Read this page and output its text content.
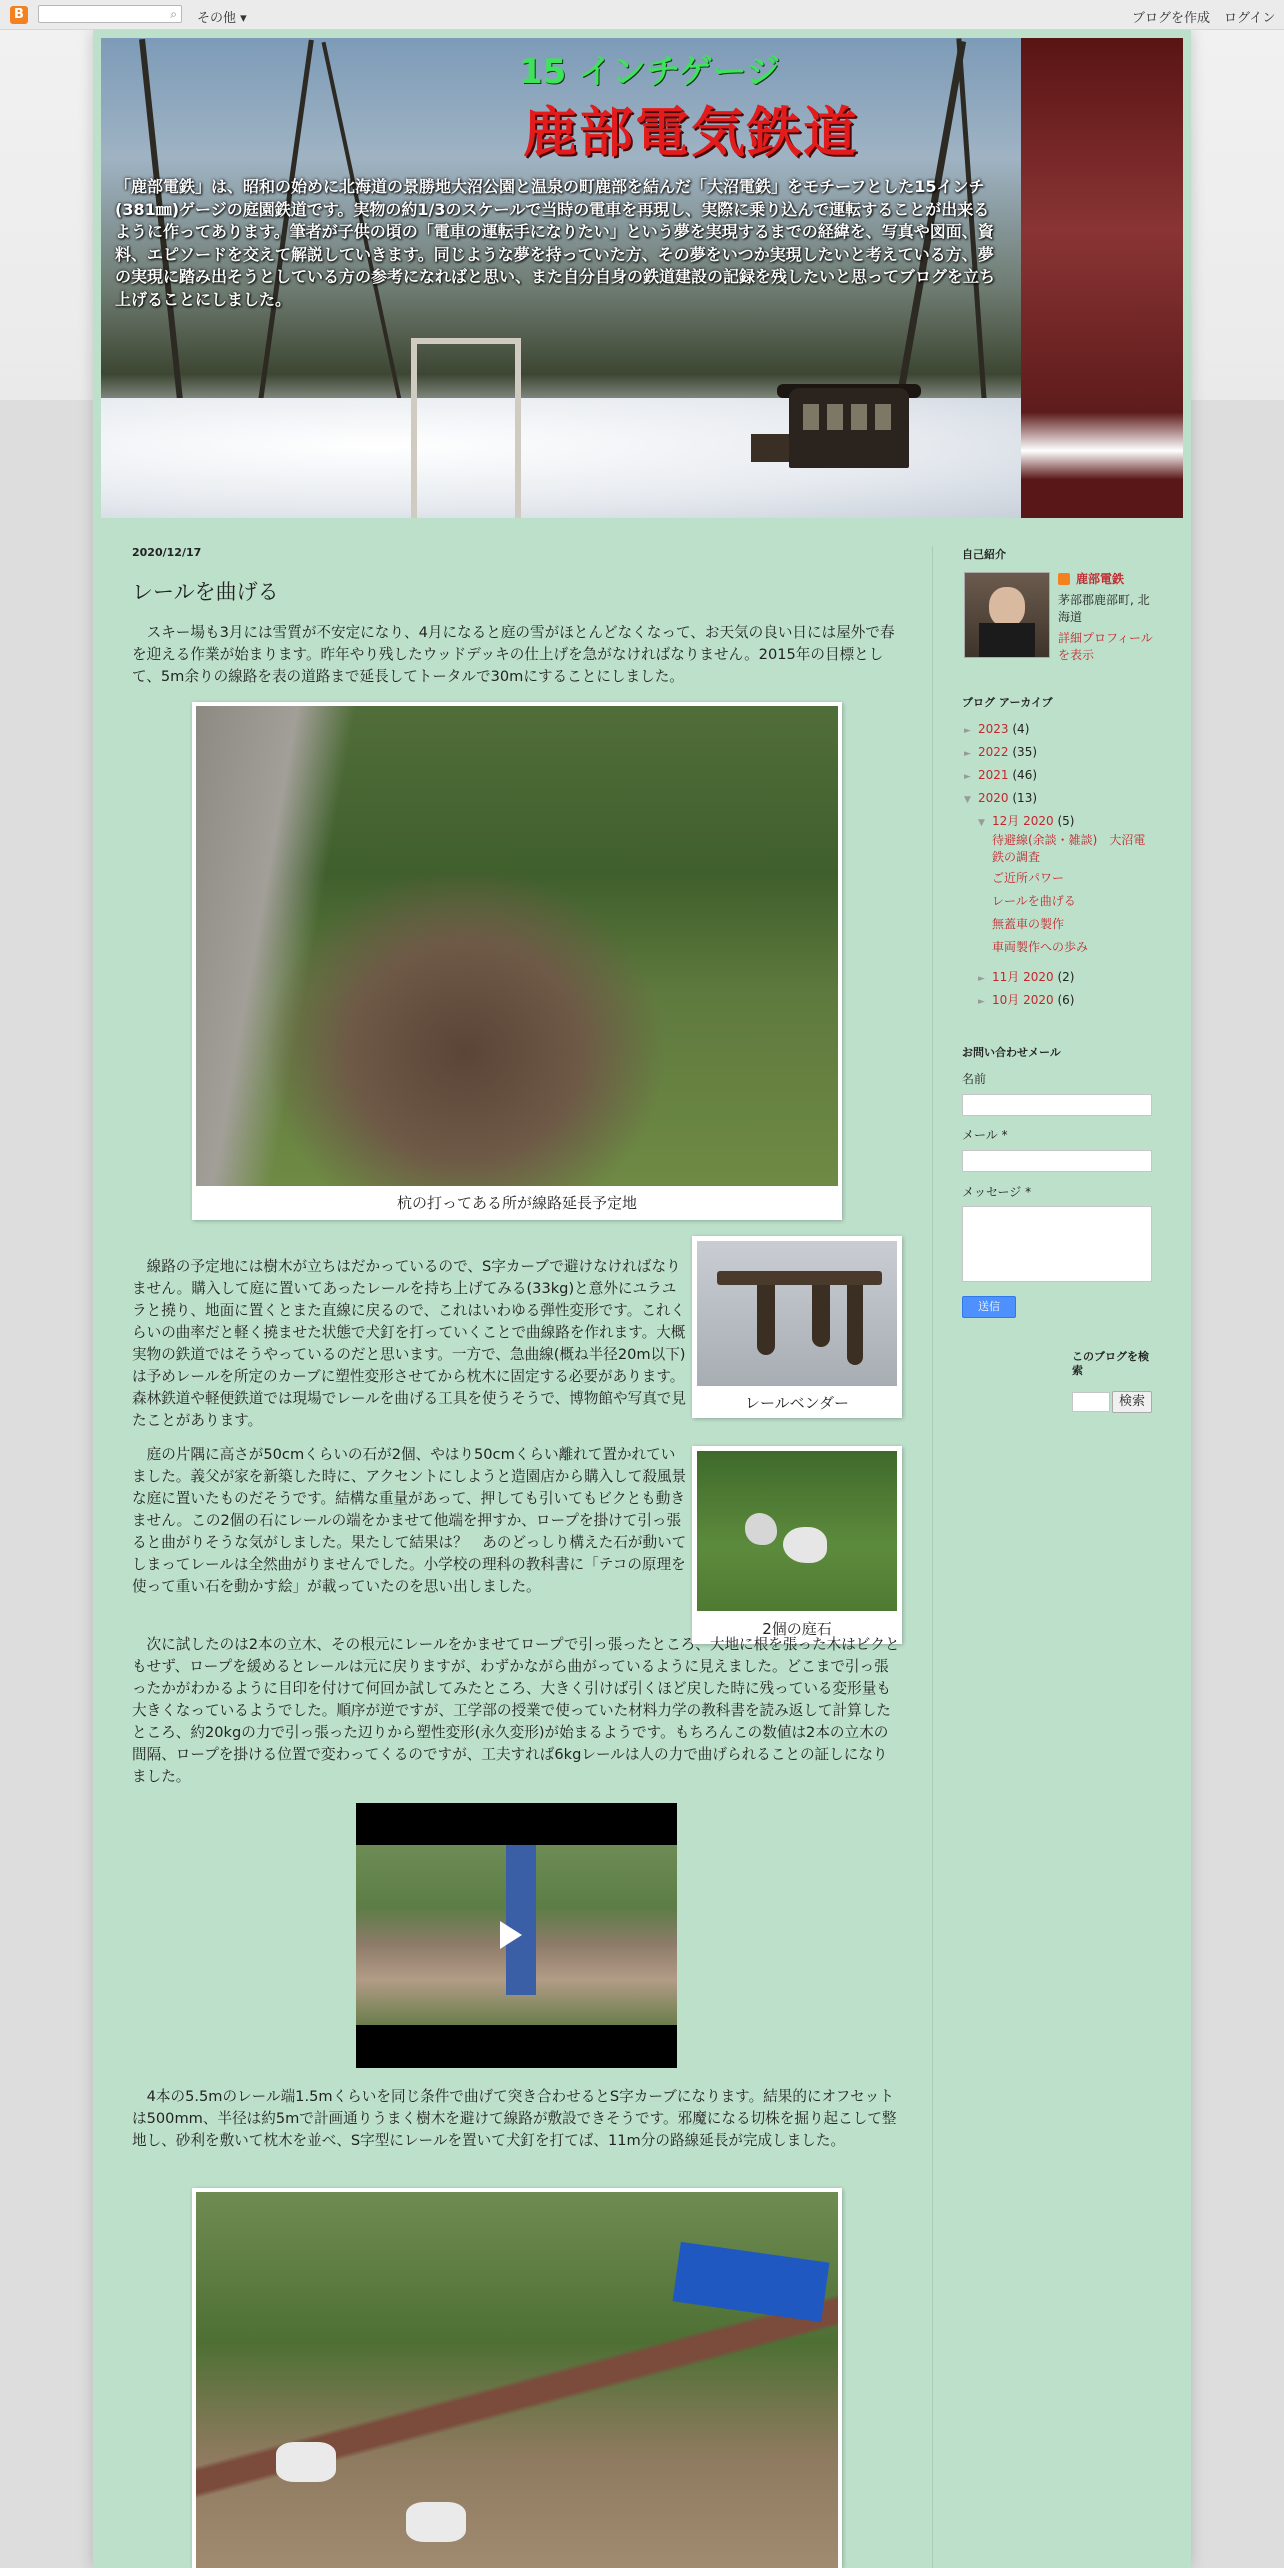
B	⌕ その他 ▾	ブログを作成 ログイン
15 インチゲージ
鹿部電気鉄道
「鹿部電鉄」は、昭和の始めに北海道の景勝地大沼公園と温泉の町鹿部を結んだ「大沼電鉄」をモチーフとした15インチ(381㎜)ゲージの庭園鉄道です。実物の約1/3のスケールで当時の電車を再現し、実際に乗り込んで運転することが出来るように作ってあります。筆者が子供の頃の「電車の運転手になりたい」という夢を実現するまでの経緯を、写真や図面、資料、エピソードを交えて解説していきます。同じような夢を持っていた方、その夢をいつか実現したいと考えている方、夢の実現に踏み出そうとしている方の参考になればと思い、また自分自身の鉄道建設の記録を残したいと思ってブログを立ち上げることにしました。
2020/12/17
レールを曲げる

スキー場も3月には雪質が不安定になり、4月になると庭の雪がほとんどなくなって、お天気の良い日には屋外で春を迎える作業が始まります。昨年やり残したウッドデッキの仕上げを急がなければなりません。2015年の目標として、5m余りの線路を表の道路まで延長してトータルで30mにすることにしました。

杭の打ってある所が線路延長予定地
レールベンダー

線路の予定地には樹木が立ちはだかっているので、S字カーブで避けなければなりません。購入して庭に置いてあったレールを持ち上げてみる(33kg)と意外にユラユラと撓り、地面に置くとまた直線に戻るので、これはいわゆる弾性変形です。これくらいの曲率だと軽く撓ませた状態で犬釘を打っていくことで曲線路を作れます。大概実物の鉄道ではそうやっているのだと思います。一方で、急曲線(概ね半径20m以下)は予めレールを所定のカーブに塑性変形させてから枕木に固定する必要があります。森林鉄道や軽便鉄道では現場でレールを曲げる工具を使うそうで、博物館や写真で見たことがあります。

2個の庭石

庭の片隅に高さが50cmくらいの石が2個、やはり50cmくらい離れて置かれていました。義父が家を新築した時に、アクセントにしようと造園店から購入して殺風景な庭に置いたものだそうです。結構な重量があって、押しても引いてもビクとも動きません。この2個の石にレールの端をかませて他端を押すか、ロープを掛けて引っ張ると曲がりそうな気がしました。果たして結果は？　あのどっしり構えた石が動いてしまってレールは全然曲がりませんでした。小学校の理科の教科書に「テコの原理を使って重い石を動かす絵」が載っていたのを思い出しました。

次に試したのは2本の立木、その根元にレールをかませてロープで引っ張ったところ、大地に根を張った木はビクともせず、ロープを緩めるとレールは元に戻りますが、わずかながら曲がっているように見えました。どこまで引っ張ったかがわかるように目印を付けて何回か試してみたところ、大きく引けば引くほど戻した時に残っている変形量も大きくなっているようでした。順序が逆ですが、工学部の授業で使っていた材料力学の教科書を読み返して計算したところ、約20kgの力で引っ張った辺りから塑性変形(永久変形)が始まるようです。もちろんこの数値は2本の立木の間隔、ロープを掛ける位置で変わってくるのですが、工夫すれば6kgレールは人の力で曲げられることの証しになりました。

4本の5.5mのレール端1.5mくらいを同じ条件で曲げて突き合わせるとS字カーブになります。結果的にオフセットは500mm、半径は約5mで計画通りうまく樹木を避けて線路が敷設できそうです。邪魔になる切株を掘り起こして整地し、砂利を敷いて枕木を並べ、S字型にレールを置いて犬釘を打てば、11m分の路線延長が完成しました。

自己紹介
鹿部電鉄
茅部郡鹿部町, 北海道
詳細プロフィールを表示
ブログ アーカイブ
► 2023 (4)
► 2022 (35)
► 2021 (46)
▼ 2020 (13)
▼ 12月 2020 (5)
待避線(余談・雑談)　大沼電鉄の調査
ご近所パワー
レールを曲げる
無蓋車の製作
車両製作への歩み
► 11月 2020 (2)
► 10月 2020 (6)
お問い合わせメール
名前
メール *
メッセージ *
送信
このブログを検索
検索
